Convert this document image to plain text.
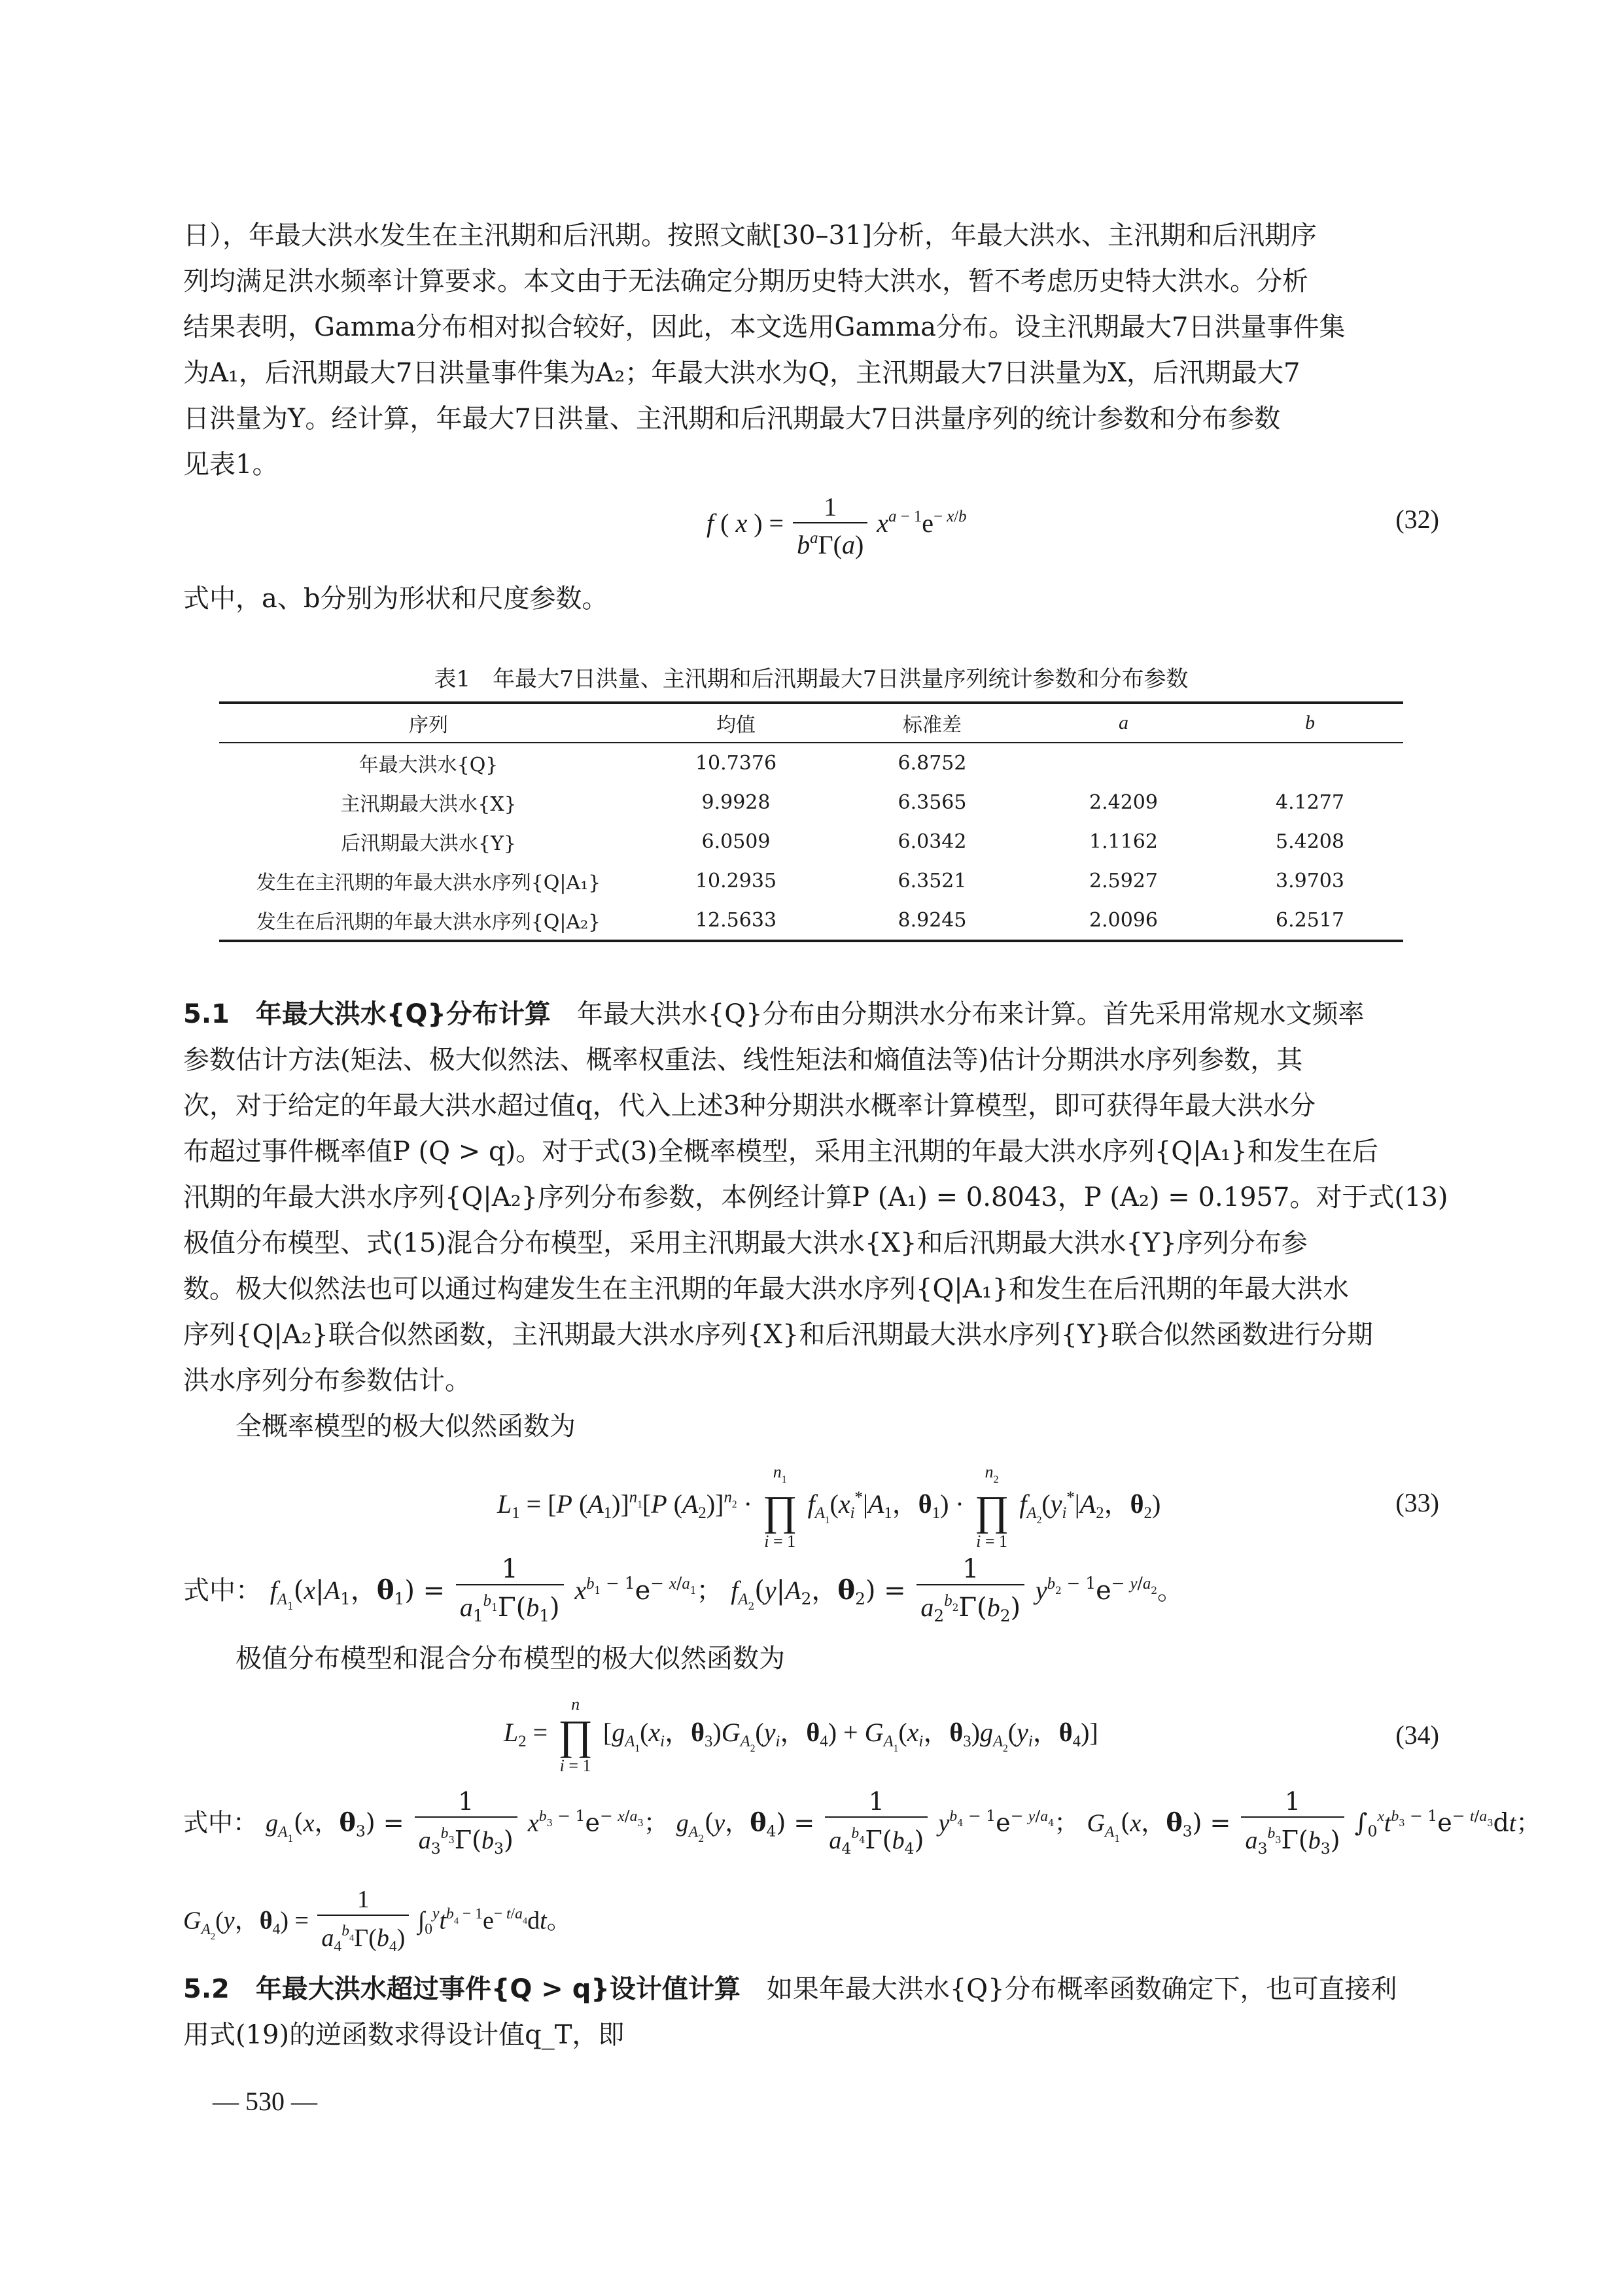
日），年最大洪水发生在主汛期和后汛期。按照文献[30–31]分析，年最大洪水、主汛期和后汛期序
列均满足洪水频率计算要求。本文由于无法确定分期历史特大洪水，暂不考虑历史特大洪水。分析
结果表明，Gamma分布相对拟合较好，因此，本文选用Gamma分布。设主汛期最大7日洪量事件集
为A₁，后汛期最大7日洪量事件集为A₂；年最大洪水为Q，主汛期最大7日洪量为X，后汛期最大7
日洪量为Y。经计算，年最大7日洪量、主汛期和后汛期最大7日洪量序列的统计参数和分布参数
见表1。
f ( x ) = $\frac{1}{b^a\Gamma(a)} x^{a - 1}e^{- x/b}$	(32)
式中，a、b分别为形状和尺度参数。
表1　年最大7日洪量、主汛期和后汛期最大7日洪量序列统计参数和分布参数
序列	均值	标准差	a	b
年最大洪水{Q}	10.7376	6.8752		
主汛期最大洪水{X}	9.9928	6.3565	2.4209	4.1277
后汛期最大洪水{Y}	6.0509	6.0342	1.1162	5.4208
发生在主汛期的年最大洪水序列{Q|A₁}	10.2935	6.3521	2.5927	3.9703
发生在后汛期的年最大洪水序列{Q|A₂}	12.5633	8.9245	2.0096	6.2517
5.1　年最大洪水{Q}分布计算　年最大洪水{Q}分布由分期洪水分布来计算。首先采用常规水文频率
参数估计方法(矩法、极大似然法、概率权重法、线性矩法和熵值法等)估计分期洪水序列参数，其
次，对于给定的年最大洪水超过值q，代入上述3种分期洪水概率计算模型，即可获得年最大洪水分
布超过事件概率值P (Q > q)。对于式(3)全概率模型，采用主汛期的年最大洪水序列{Q|A₁}和发生在后
汛期的年最大洪水序列{Q|A₂}序列分布参数，本例经计算P (A₁) = 0.8043，P (A₂) = 0.1957。对于式(13)
极值分布模型、式(15)混合分布模型，采用主汛期最大洪水{X}和后汛期最大洪水{Y}序列分布参
数。极大似然法也可以通过构建发生在主汛期的年最大洪水序列{Q|A₁}和发生在后汛期的年最大洪水
序列{Q|A₂}联合似然函数，主汛期最大洪水序列{X}和后汛期最大洪水序列{Y}联合似然函数进行分期
洪水序列分布参数估计。
全概率模型的极大似然函数为
$L_1 = [P$ $(A_1)]^{n_1}[P$ $(A_2)]^{n_2}$ ·
$n_1$
∏
i = 1
$f_{A_1}(x_i^*|A_1$，$\theta_1$) ·
$n_2$
∏
i = 1
$f_{A_2}(y_i^*|A_2$，$\theta_2$)	(33)
式中： $f_{A_1}(x|A_1$，$\theta_1) = \frac{1}{a_1^{b_1}\Gamma(b_1)} x^{b_1 - 1}e^{- x/a_1}$； $f_{A_2}(y|A_2$，$\theta_2) = \frac{1}{a_2^{b_2}\Gamma(b_2)} y^{b_2 - 1}e^{- y/a_2}$。
极值分布模型和混合分布模型的极大似然函数为
$L_2$ =
n
∏
i = 1
[$g_{A_1}(x_i$，$\theta_3)G_{A_2}(y_i$，$\theta_4) + G_{A_1}(x_i$，$\theta_3)g_{A_2}(y_i$，$\theta_4$)]	(34)
式中： $g_{A_1}(x$，$\theta_3) = \frac{1}{a_3^{b_3}\Gamma(b_3)} x^{b_3 - 1}e^{- x/a_3}$； $g_{A_2}(y$，$\theta_4) = \frac{1}{a_4^{b_4}\Gamma(b_4)} y^{b_4 - 1}e^{- y/a_4}$； $G_{A_1}(x$，$\theta_3) = \frac{1}{a_3^{b_3}\Gamma(b_3)} \int_0^xt^{b_3 - 1}e^{- t/a_3}dt$；
$G_{A_2}(y$，$\theta_4) = \frac{1}{a_4^{b_4}\Gamma(b_4)} \int_0^yt^{b_4 - 1}e^{- t/a_4}dt$。
5.2　年最大洪水超过事件{Q > q}设计值计算　如果年最大洪水{Q}分布概率函数确定下，也可直接利
用式(19)的逆函数求得设计值q_T，即
— 530 —
